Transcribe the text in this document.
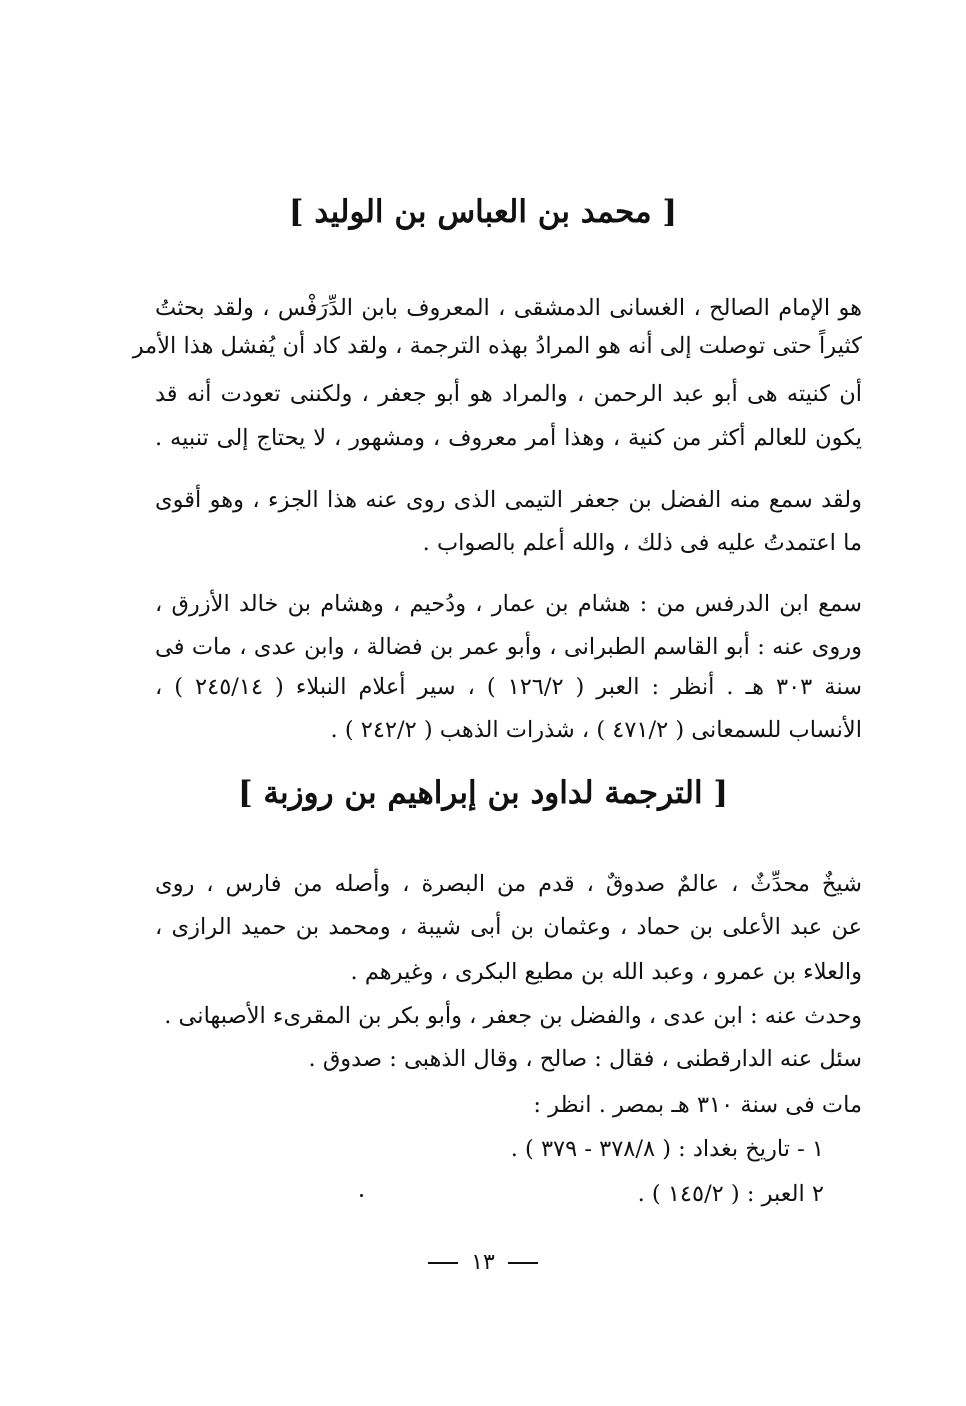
[ محمد بن العباس بن الوليد ]
هو الإمام الصالح ، الغسانى الدمشقى ، المعروف بابن الدِّرَفْس ، ولقد بحثتُ
كثيراً حتى توصلت إلى أنه هو المرادُ بهذه الترجمة ، ولقد كاد أن يُفشل هذا الأمر
أن كنيته هى أبو عبد الرحمن ، والمراد هو أبو جعفر ، ولكننى تعودت أنه قد
يكون للعالم أكثر من كنية ، وهذا أمر معروف ، ومشهور ، لا يحتاج إلى تنبيه .
ولقد سمع منه الفضل بن جعفر التيمى الذى روى عنه هذا الجزء ، وهو أقوى
ما اعتمدتُ عليه فى ذلك ، والله أعلم بالصواب .
سمع ابن الدرفس من : هشام بن عمار ، ودُحيم ، وهشام بن خالد الأزرق ،
وروى عنه : أبو القاسم الطبرانى ، وأبو عمر بن فضالة ، وابن عدى ، مات فى
سنة ٣٠٣ هـ . أنظر : العبر ( ١٢٦/٢ ) ، سير أعلام النبلاء ( ٢٤٥/١٤ ) ،
الأنساب للسمعانى ( ٤٧١/٢ ) ، شذرات الذهب ( ٢٤٢/٢ ) .
[ الترجمة لداود بن إبراهيم بن روزبة ]
شيخٌ محدِّثٌ ، عالمٌ صدوقٌ ، قدم من البصرة ، وأصله من فارس ، روى
عن عبد الأعلى بن حماد ، وعثمان بن أبى شيبة ، ومحمد بن حميد الرازى ،
والعلاء بن عمرو ، وعبد الله بن مطيع البكرى ، وغيرهم .
وحدث عنه : ابن عدى ، والفضل بن جعفر ، وأبو بكر بن المقرىء الأصبهانى .
سئل عنه الدارقطنى ، فقال : صالح ، وقال الذهبى : صدوق .
مات فى سنة ٣١٠ هـ بمصر . انظر :
١ - تاريخ بغداد : ( ٣٧٨/٨ - ٣٧٩ ) .
٢ العبر : ( ١٤٥/٢ ) .
١٣
